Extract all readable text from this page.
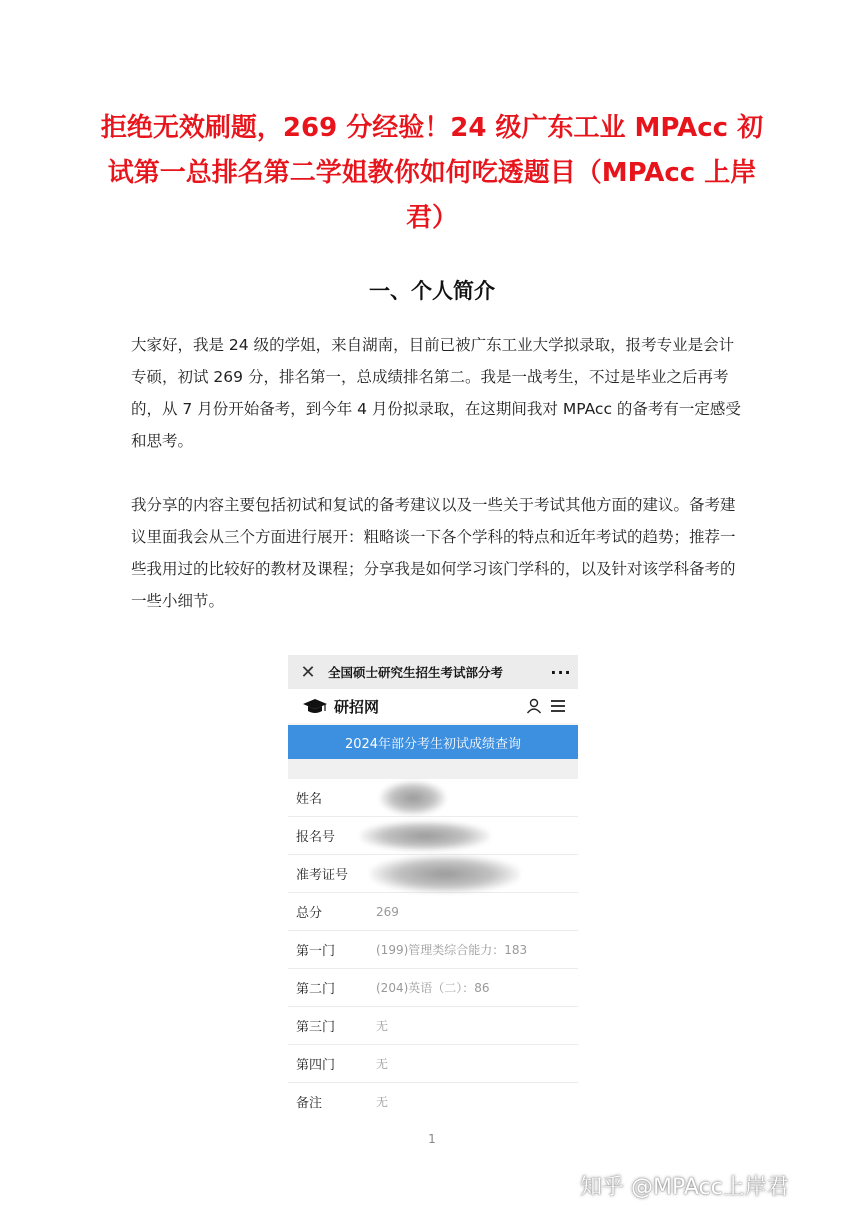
拒绝无效刷题，269 分经验！24 级广东工业 MPAcc 初试第一总排名第二学姐教你如何吃透题目（MPAcc 上岸君）
一、个人简介

大家好，我是 24 级的学姐，来自湖南，目前已被广东工业大学拟录取，报考专业是会计专硕，初试 269 分，排名第一，总成绩排名第二。我是一战考生，不过是毕业之后再考的，从 7 月份开始备考，到今年 4 月份拟录取，在这期间我对 MPAcc 的备考有一定感受和思考。

我分享的内容主要包括初试和复试的备考建议以及一些关于考试其他方面的建议。备考建议里面我会从三个方面进行展开：粗略谈一下各个学科的特点和近年考试的趋势；推荐一些我用过的比较好的教材及课程；分享我是如何学习该门学科的，以及针对该学科备考的一些小细节。

✕ 全国硕士研究生招生考试部分考	···
研招网
2024年部分考生初试成绩查询
姓名
报名号
准考证号
总分	269
第一门	(199)管理类综合能力：183
第二门	(204)英语（二）：86
第三门	无
第四门	无
备注	无
1
知乎 @MPAcc上岸君
